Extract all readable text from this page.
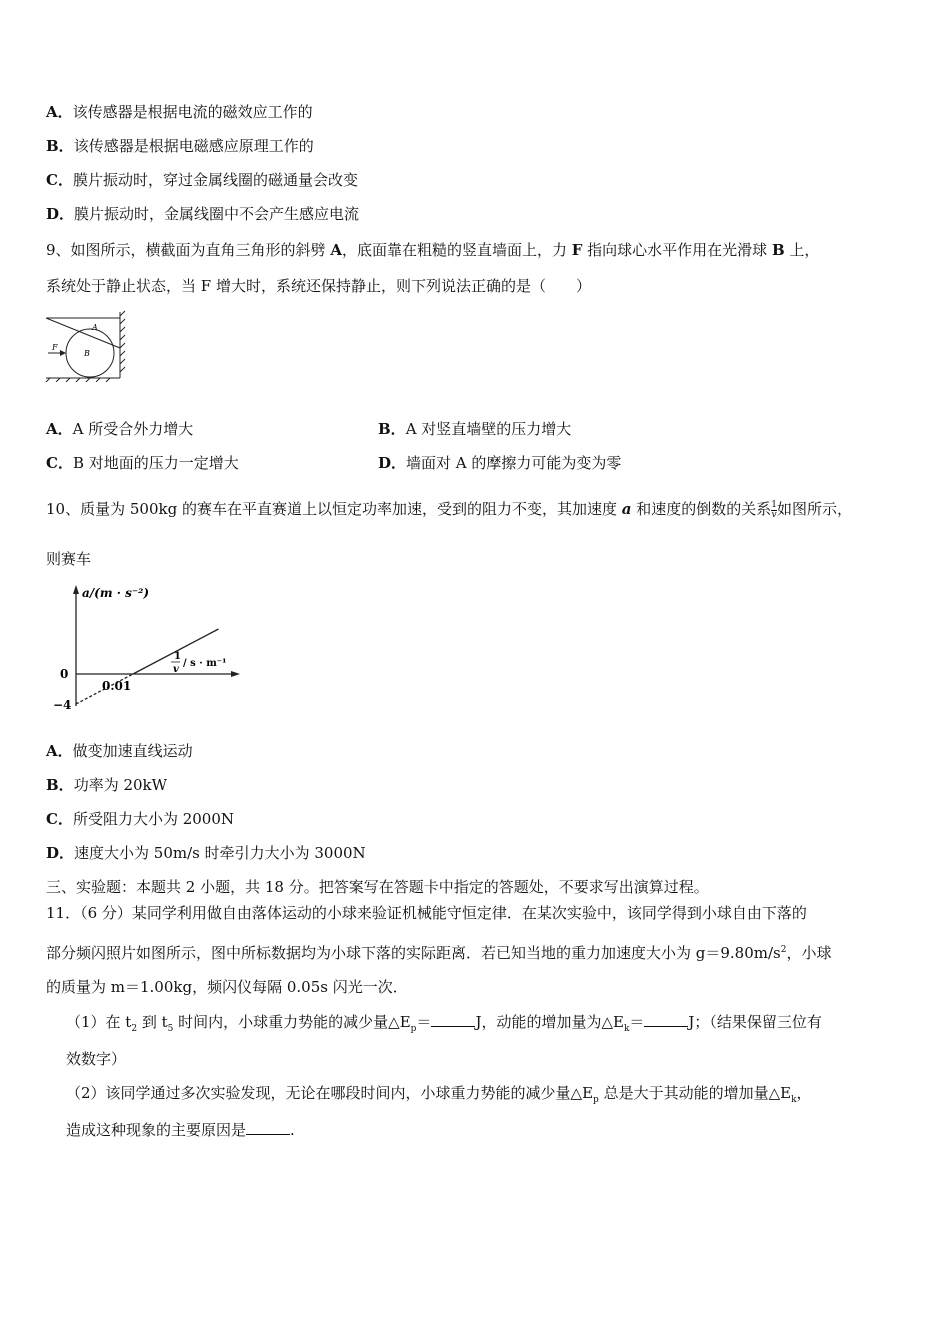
A．该传感器是根据电流的磁效应工作的
B．该传感器是根据电磁感应原理工作的
C．膜片振动时，穿过金属线圈的磁通量会改变
D．膜片振动时，金属线圈中不会产生感应电流
9、如图所示，横截面为直角三角形的斜劈 A，底面靠在粗糙的竖直墙面上，力 F 指向球心水平作用在光滑球 B 上，
系统处于静止状态，当 F 增大时，系统还保持静止，则下列说法正确的是（　　）
A
B
F
A．A 所受合外力增大	B．A 对竖直墙壁的压力增大
C．B 对地面的压力一定增大	D．墙面对 A 的摩擦力可能为变为零
10、质量为 500kg 的赛车在平直赛道上以恒定功率加速，受到的阻力不变，其加速度 a 和速度的倒数的关系 $\frac{1}{v}$ 如图所示，
则赛车
a/(m · s⁻²)
1
v
/ s · m⁻¹
0
−4
0.01
A．做变加速直线运动
B．功率为 20kW
C．所受阻力大小为 2000N
D．速度大小为 50m/s 时牵引力大小为 3000N
三、实验题：本题共 2 小题，共 18 分。把答案写在答题卡中指定的答题处，不要求写出演算过程。
11．（6 分）某同学利用做自由落体运动的小球来验证机械能守恒定律．在某次实验中，该同学得到小球自由下落的
部分频闪照片如图所示，图中所标数据均为小球下落的实际距离．若已知当地的重力加速度大小为 $g=9.80m/s^2$，小球
的质量为 m＝1.00kg，频闪仪每隔 0.05s 闪光一次．
（1）在 $t_2$ 到 $t_5$ 时间内，小球重力势能的减少量$\triangle E_p=$	J，动能的增加量为$\triangle E_k=$	J；（结果保留三位有
效数字）
（2）该同学通过多次实验发现，无论在哪段时间内，小球重力势能的减少量$\triangle E_p$ 总是大于其动能的增加量$\triangle E_k$，
造成这种现象的主要原因是	.
